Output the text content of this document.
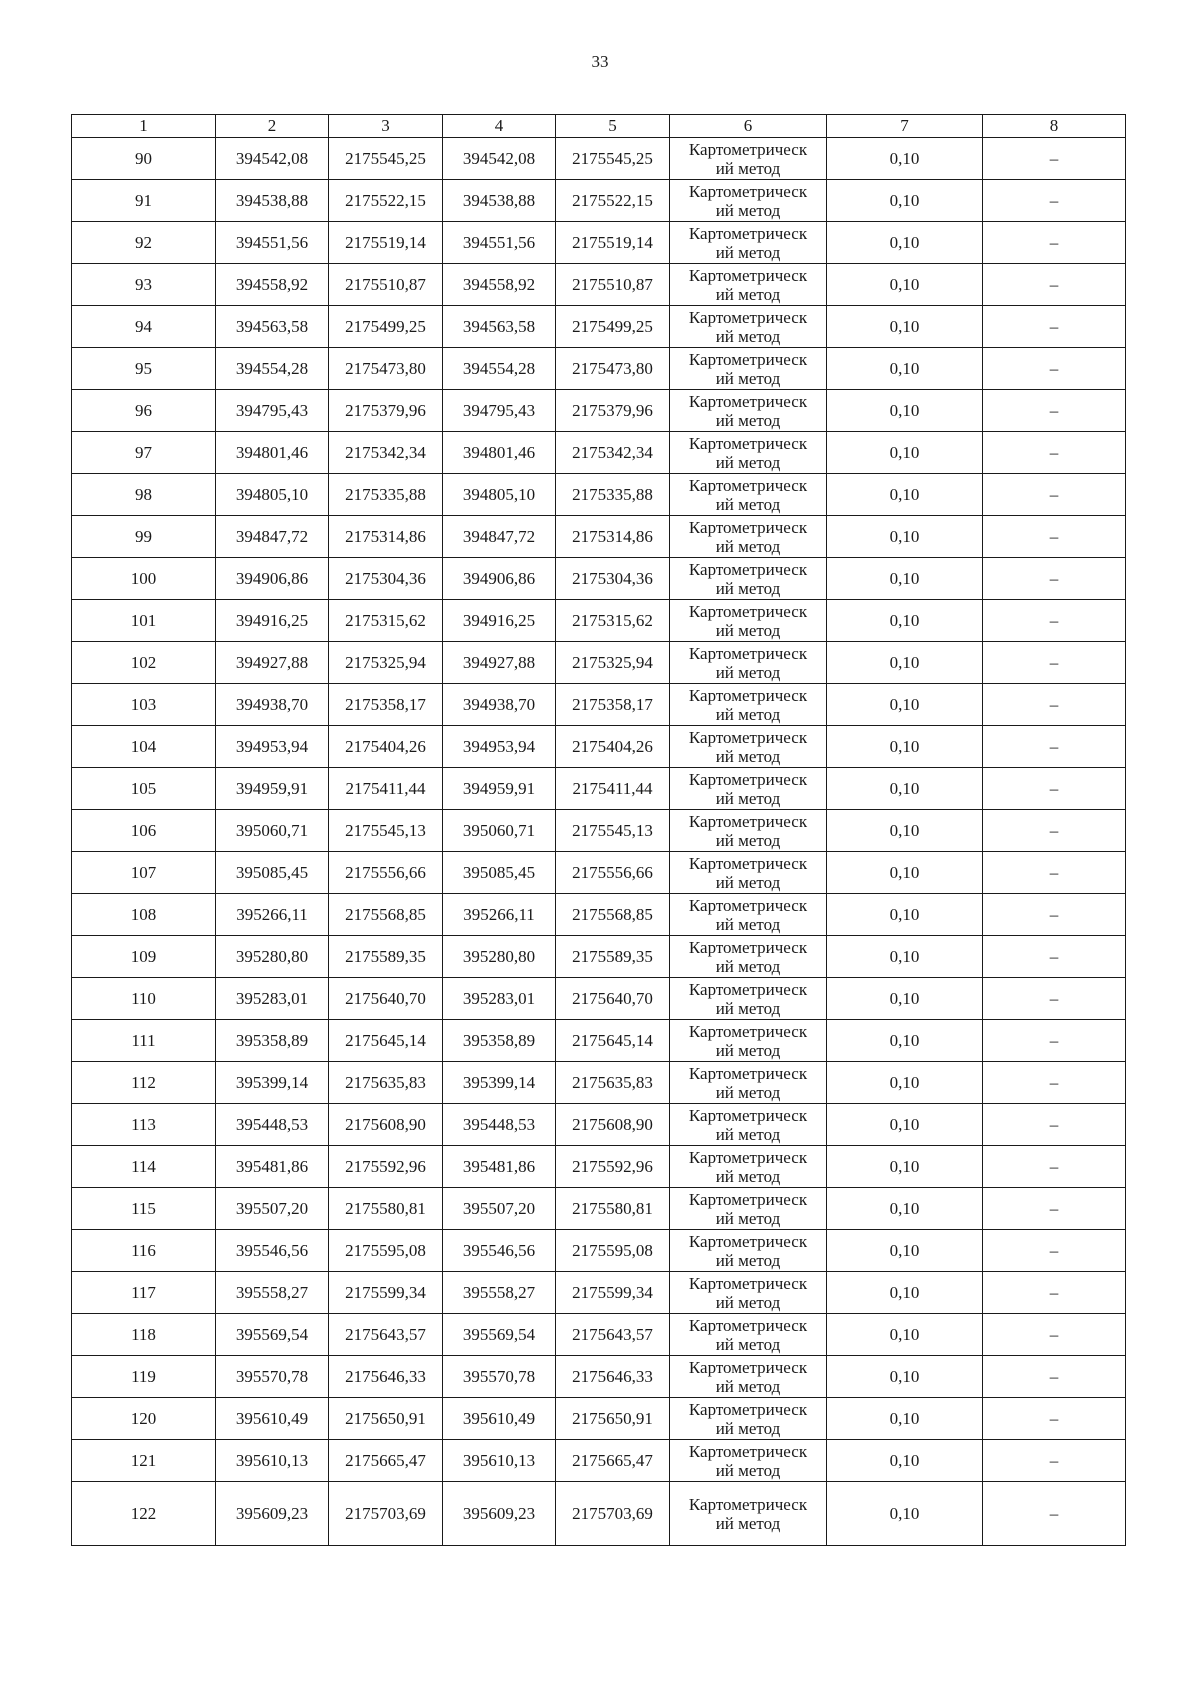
33
1	2	3	4	5	6	7	8
90	394542,08	2175545,25	394542,08	2175545,25	Картометрическ
ий метод	0,10	–
91	394538,88	2175522,15	394538,88	2175522,15	Картометрическ
ий метод	0,10	–
92	394551,56	2175519,14	394551,56	2175519,14	Картометрическ
ий метод	0,10	–
93	394558,92	2175510,87	394558,92	2175510,87	Картометрическ
ий метод	0,10	–
94	394563,58	2175499,25	394563,58	2175499,25	Картометрическ
ий метод	0,10	–
95	394554,28	2175473,80	394554,28	2175473,80	Картометрическ
ий метод	0,10	–
96	394795,43	2175379,96	394795,43	2175379,96	Картометрическ
ий метод	0,10	–
97	394801,46	2175342,34	394801,46	2175342,34	Картометрическ
ий метод	0,10	–
98	394805,10	2175335,88	394805,10	2175335,88	Картометрическ
ий метод	0,10	–
99	394847,72	2175314,86	394847,72	2175314,86	Картометрическ
ий метод	0,10	–
100	394906,86	2175304,36	394906,86	2175304,36	Картометрическ
ий метод	0,10	–
101	394916,25	2175315,62	394916,25	2175315,62	Картометрическ
ий метод	0,10	–
102	394927,88	2175325,94	394927,88	2175325,94	Картометрическ
ий метод	0,10	–
103	394938,70	2175358,17	394938,70	2175358,17	Картометрическ
ий метод	0,10	–
104	394953,94	2175404,26	394953,94	2175404,26	Картометрическ
ий метод	0,10	–
105	394959,91	2175411,44	394959,91	2175411,44	Картометрическ
ий метод	0,10	–
106	395060,71	2175545,13	395060,71	2175545,13	Картометрическ
ий метод	0,10	–
107	395085,45	2175556,66	395085,45	2175556,66	Картометрическ
ий метод	0,10	–
108	395266,11	2175568,85	395266,11	2175568,85	Картометрическ
ий метод	0,10	–
109	395280,80	2175589,35	395280,80	2175589,35	Картометрическ
ий метод	0,10	–
110	395283,01	2175640,70	395283,01	2175640,70	Картометрическ
ий метод	0,10	–
111	395358,89	2175645,14	395358,89	2175645,14	Картометрическ
ий метод	0,10	–
112	395399,14	2175635,83	395399,14	2175635,83	Картометрическ
ий метод	0,10	–
113	395448,53	2175608,90	395448,53	2175608,90	Картометрическ
ий метод	0,10	–
114	395481,86	2175592,96	395481,86	2175592,96	Картометрическ
ий метод	0,10	–
115	395507,20	2175580,81	395507,20	2175580,81	Картометрическ
ий метод	0,10	–
116	395546,56	2175595,08	395546,56	2175595,08	Картометрическ
ий метод	0,10	–
117	395558,27	2175599,34	395558,27	2175599,34	Картометрическ
ий метод	0,10	–
118	395569,54	2175643,57	395569,54	2175643,57	Картометрическ
ий метод	0,10	–
119	395570,78	2175646,33	395570,78	2175646,33	Картометрическ
ий метод	0,10	–
120	395610,49	2175650,91	395610,49	2175650,91	Картометрическ
ий метод	0,10	–
121	395610,13	2175665,47	395610,13	2175665,47	Картометрическ
ий метод	0,10	–
122	395609,23	2175703,69	395609,23	2175703,69	Картометрическ
ий метод	0,10	–
